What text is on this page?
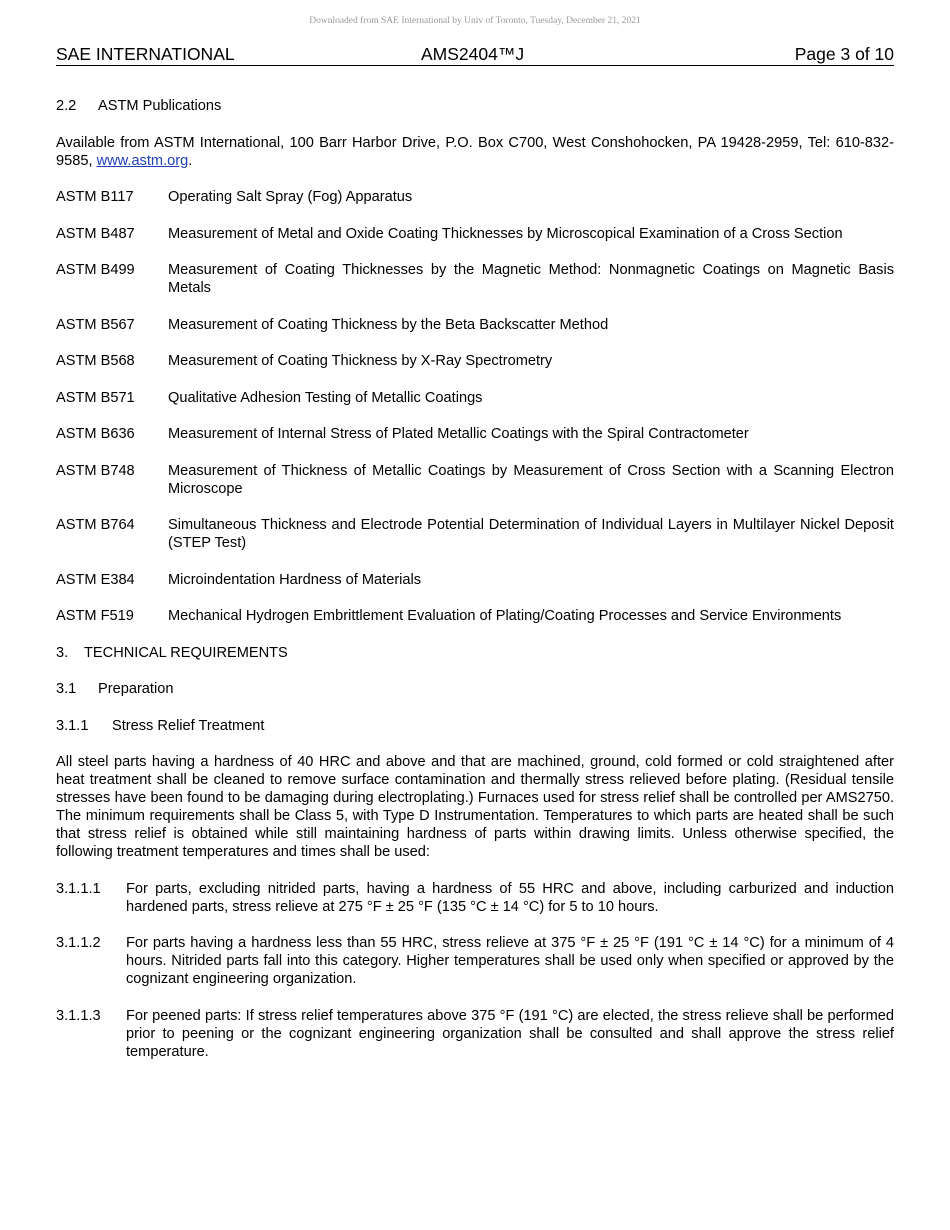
Downloaded from SAE International by Univ of Toronto, Tuesday, December 21, 2021
SAE INTERNATIONAL	AMS2404™J	Page 3 of 10
2.2 ASTM Publications
Available from ASTM International, 100 Barr Harbor Drive, P.O. Box C700, West Conshohocken, PA 19428-2959, Tel: 610-832-9585, www.astm.org.
ASTM B117	Operating Salt Spray (Fog) Apparatus
ASTM B487	Measurement of Metal and Oxide Coating Thicknesses by Microscopical Examination of a Cross Section
ASTM B499	Measurement of Coating Thicknesses by the Magnetic Method: Nonmagnetic Coatings on Magnetic Basis Metals
ASTM B567	Measurement of Coating Thickness by the Beta Backscatter Method
ASTM B568	Measurement of Coating Thickness by X-Ray Spectrometry
ASTM B571	Qualitative Adhesion Testing of Metallic Coatings
ASTM B636	Measurement of Internal Stress of Plated Metallic Coatings with the Spiral Contractometer
ASTM B748	Measurement of Thickness of Metallic Coatings by Measurement of Cross Section with a Scanning Electron Microscope
ASTM B764	Simultaneous Thickness and Electrode Potential Determination of Individual Layers in Multilayer Nickel Deposit (STEP Test)
ASTM E384	Microindentation Hardness of Materials
ASTM F519	Mechanical Hydrogen Embrittlement Evaluation of Plating/Coating Processes and Service Environments
3. TECHNICAL REQUIREMENTS
3.1 Preparation
3.1.1 Stress Relief Treatment
All steel parts having a hardness of 40 HRC and above and that are machined, ground, cold formed or cold straightened after heat treatment shall be cleaned to remove surface contamination and thermally stress relieved before plating. (Residual tensile stresses have been found to be damaging during electroplating.) Furnaces used for stress relief shall be controlled per AMS2750. The minimum requirements shall be Class 5, with Type D Instrumentation. Temperatures to which parts are heated shall be such that stress relief is obtained while still maintaining hardness of parts within drawing limits. Unless otherwise specified, the following treatment temperatures and times shall be used:
3.1.1.1	For parts, excluding nitrided parts, having a hardness of 55 HRC and above, including carburized and induction hardened parts, stress relieve at 275 °F ± 25 °F (135 °C ± 14 °C) for 5 to 10 hours.
3.1.1.2	For parts having a hardness less than 55 HRC, stress relieve at 375 °F ± 25 °F (191 °C ± 14 °C) for a minimum of 4 hours. Nitrided parts fall into this category. Higher temperatures shall be used only when specified or approved by the cognizant engineering organization.
3.1.1.3	For peened parts: If stress relief temperatures above 375 °F (191 °C) are elected, the stress relieve shall be performed prior to peening or the cognizant engineering organization shall be consulted and shall approve the stress relief temperature.
